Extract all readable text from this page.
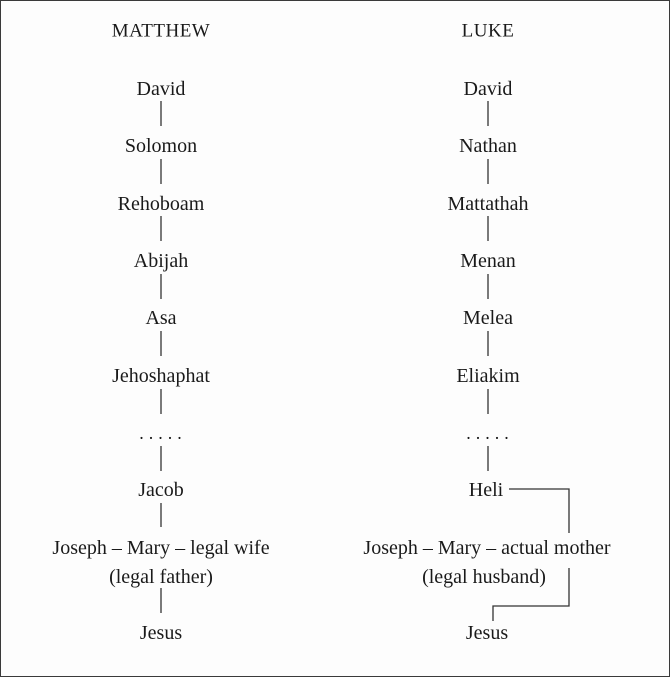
MATTHEW
David
Solomon
Rehoboam
Abijah
Asa
Jehoshaphat
.....
Jacob
Joseph – Mary – legal wife
(legal father)
Jesus
LUKE
David
Nathan
Mattathah
Menan
Melea
Eliakim
.....
Heli
Joseph – Mary – actual mother
(legal husband)
Jesus
